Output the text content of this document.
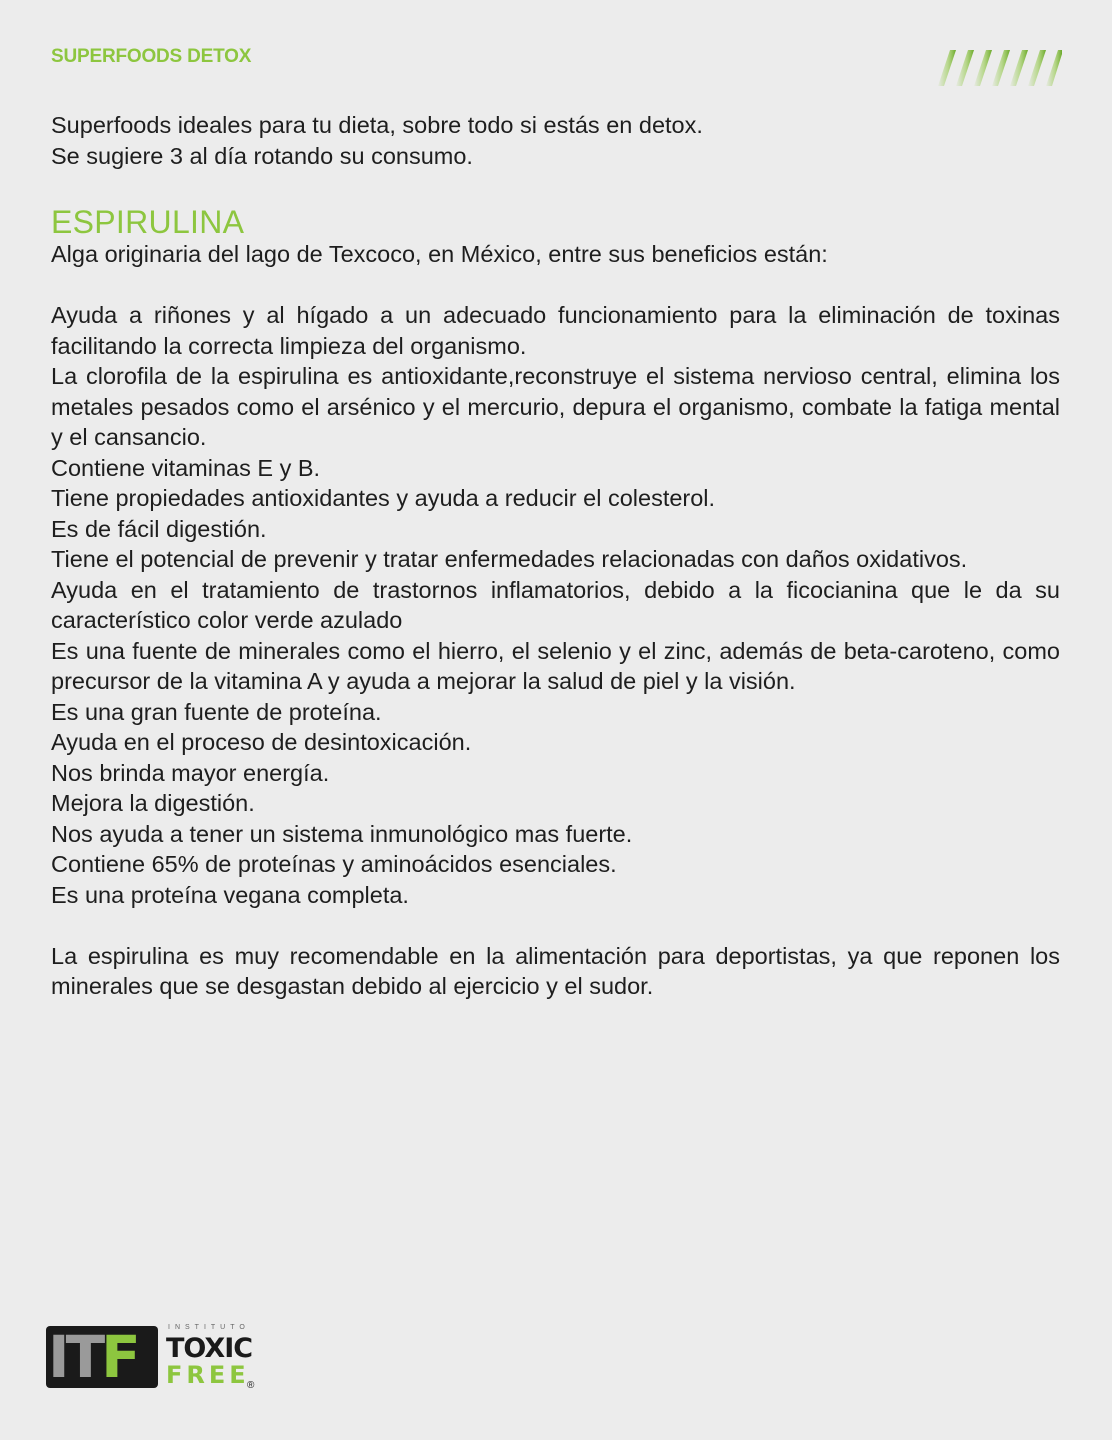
SUPERFOODS DETOX

Superfoods ideales para tu dieta, sobre todo si estás en detox.

Se sugiere 3 al día rotando su consumo.

ESPIRULINA

Alga originaria del lago de Texcoco, en México, entre sus beneficios están:

Ayuda a riñones y al hígado a un adecuado funcionamiento para la eliminación de toxinas facilitando la correcta limpieza del organismo.

La clorofila de la espirulina es antioxidante,reconstruye el sistema nervioso central, elimina los metales pesados como el arsénico y el mercurio, depura el organismo, combate la fatiga mental y el cansancio.

Contiene vitaminas E y B.

Tiene propiedades antioxidantes y ayuda a reducir el colesterol.

Es de fácil digestión.

Tiene el potencial de prevenir y tratar enfermedades relacionadas con daños oxidativos.

Ayuda en el tratamiento de trastornos inflamatorios, debido a la ficocianina que le da su característico color verde azulado

Es una fuente de minerales como el hierro, el selenio y el zinc, además de beta-caroteno, como precursor de la vitamina A y ayuda a mejorar la salud de piel y la visión.

Es una gran fuente de proteína.

Ayuda en el proceso de desintoxicación.

Nos brinda mayor energía.

Mejora la digestión.

Nos ayuda a tener un sistema inmunológico mas fuerte.

Contiene 65% de proteínas y aminoácidos esenciales.

Es una proteína vegana completa.

La espirulina es muy recomendable en la alimentación para deportistas, ya que reponen los minerales que se desgastan debido al ejercicio y el sudor.

ITF	INSTITUTO
TOXIC
FREE
®
